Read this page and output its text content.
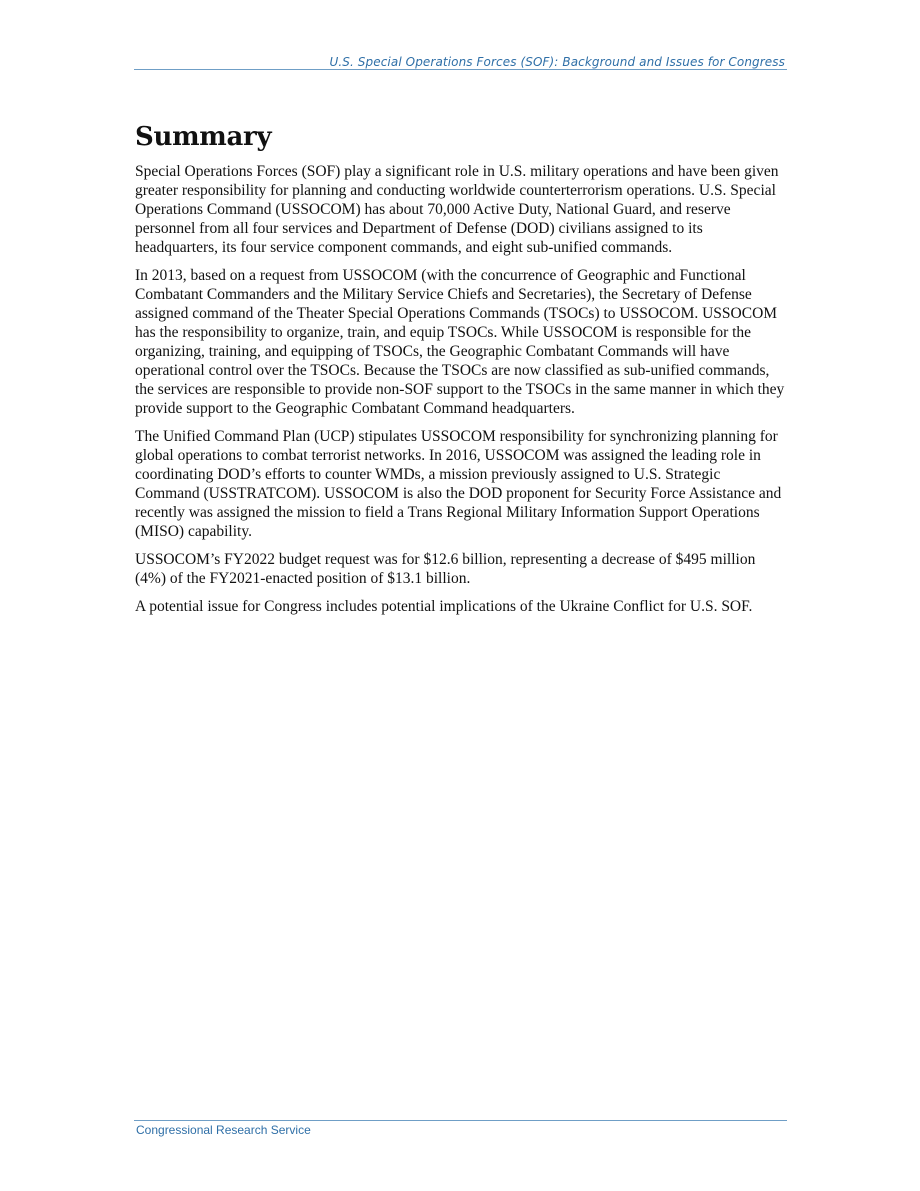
U.S. Special Operations Forces (SOF): Background and Issues for Congress
Summary

Special Operations Forces (SOF) play a significant role in U.S. military operations and have been given greater responsibility for planning and conducting worldwide counterterrorism operations. U.S. Special Operations Command (USSOCOM) has about 70,000 Active Duty, National Guard, and reserve personnel from all four services and Department of Defense (DOD) civilians assigned to its headquarters, its four service component commands, and eight sub-unified commands.

In 2013, based on a request from USSOCOM (with the concurrence of Geographic and Functional Combatant Commanders and the Military Service Chiefs and Secretaries), the Secretary of Defense assigned command of the Theater Special Operations Commands (TSOCs) to USSOCOM. USSOCOM has the responsibility to organize, train, and equip TSOCs. While USSOCOM is responsible for the organizing, training, and equipping of TSOCs, the Geographic Combatant Commands will have operational control over the TSOCs. Because the TSOCs are now classified as sub-unified commands, the services are responsible to provide non-SOF support to the TSOCs in the same manner in which they provide support to the Geographic Combatant Command headquarters.

The Unified Command Plan (UCP) stipulates USSOCOM responsibility for synchronizing planning for global operations to combat terrorist networks. In 2016, USSOCOM was assigned the leading role in coordinating DOD’s efforts to counter WMDs, a mission previously assigned to U.S. Strategic Command (USSTRATCOM). USSOCOM is also the DOD proponent for Security Force Assistance and recently was assigned the mission to field a Trans Regional Military Information Support Operations (MISO) capability.

USSOCOM’s FY2022 budget request was for $12.6 billion, representing a decrease of $495 million (4%) of the FY2021-enacted position of $13.1 billion.

A potential issue for Congress includes potential implications of the Ukraine Conflict for U.S. SOF.

Congressional Research Service
